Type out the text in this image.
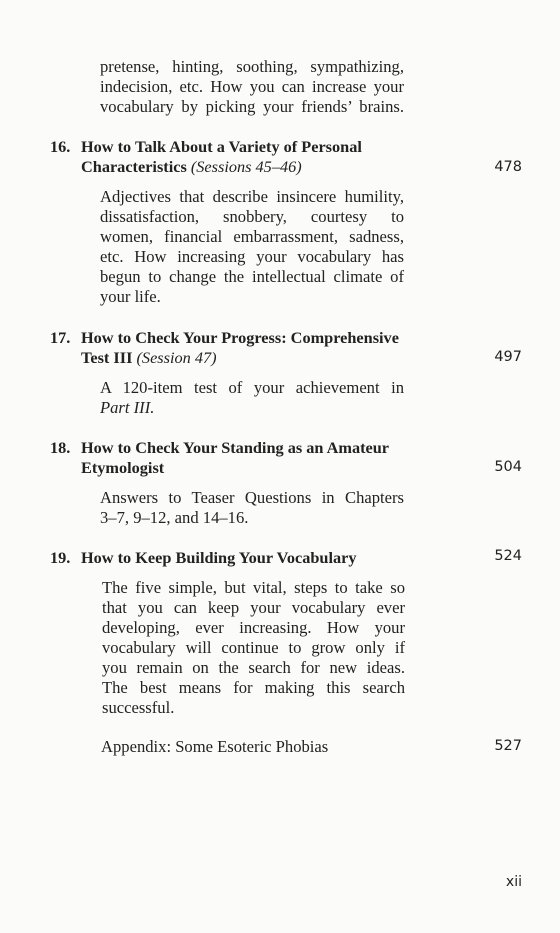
pretense, hinting, soothing, sympathizing,
indecision, etc. How you can increase your
vocabulary by picking your friends’ brains.
16. How to Talk About a Variety of Personal
Characteristics (Sessions 45–46)	478
Adjectives that describe insincere humility,
dissatisfaction, snobbery, courtesy to
women, financial embarrassment, sadness,
etc. How increasing your vocabulary has
begun to change the intellectual climate of
your life.
17. How to Check Your Progress: Comprehensive
Test III (Session 47)	497
A 120-item test of your achievement in
Part III.
18. How to Check Your Standing as an Amateur
Etymologist	504
Answers to Teaser Questions in Chapters
3–7, 9–12, and 14–16.
19. How to Keep Building Your Vocabulary	524
The five simple, but vital, steps to take so
that you can keep your vocabulary ever
developing, ever increasing. How your
vocabulary will continue to grow only if
you remain on the search for new ideas.
The best means for making this search
successful.
Appendix: Some Esoteric Phobias	527
xii
